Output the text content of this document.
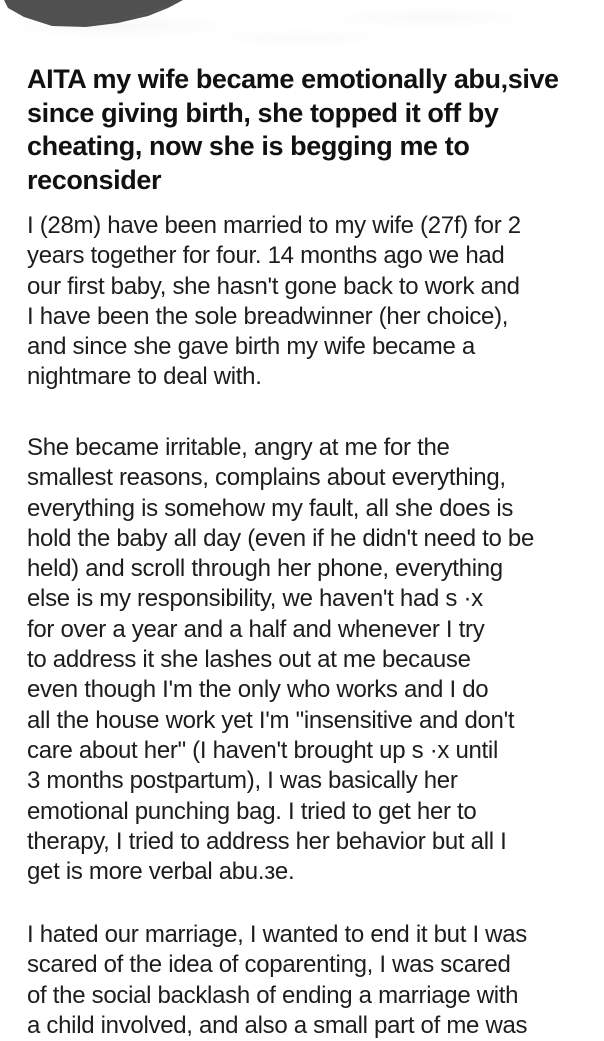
AITA my wife became emotionally abu‚sive
since giving birth, she topped it off by
cheating, now she is begging me to
reconsider
I (28m) have been married to my wife (27f) for 2
years together for four. 14 months ago we had
our first baby, she hasn't gone back to work and
I have been the sole breadwinner (her choice),
and since she gave birth my wife became a
nightmare to deal with.
She became irritable, angry at me for the
smallest reasons, complains about everything,
everything is somehow my fault, all she does is
hold the baby all day (even if he didn't need to be
held) and scroll through her phone, everything
else is my responsibility, we haven't had s ·x
for over a year and a half and whenever I try
to address it she lashes out at me because
even though I'm the only who works and I do
all the house work yet I'm "insensitive and don't
care about her" (I haven't brought up s ·x until
3 months postpartum), I was basically her
emotional punching bag. I tried to get her to
therapy, I tried to address her behavior but all I
get is more verbal abu.зe.
I hated our marriage, I wanted to end it but I was
scared of the idea of coparenting, I was scared
of the social backlash of ending a marriage with
a child involved, and also a small part of me was
